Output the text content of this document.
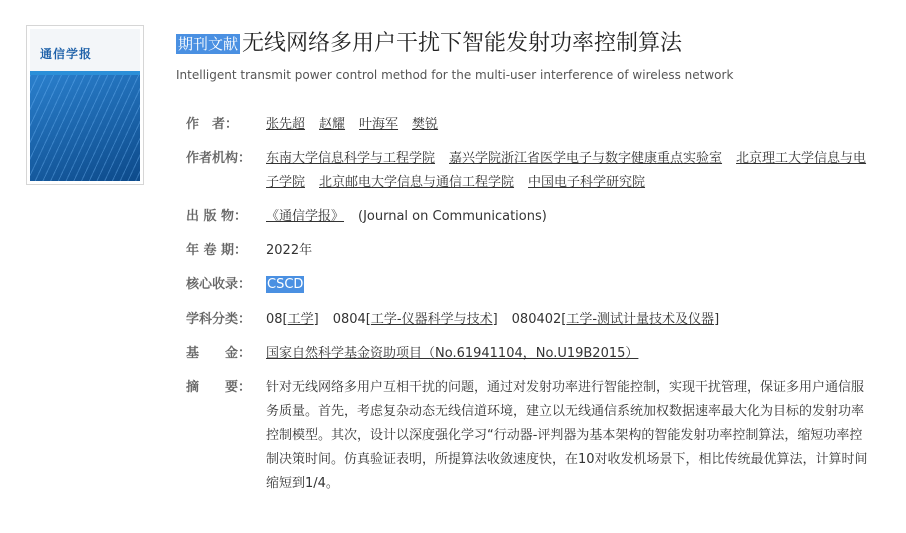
通信学报
期刊文献 无线网络多用户干扰下智能发射功率控制算法
Intelligent transmit power control method for the multi-user interference of wireless network
作　者：	张先超 赵耀 叶海军 樊锐
作者机构：	东南大学信息科学与工程学院 嘉兴学院浙江省医学电子与数字健康重点实验室 北京理工大学信息与电子学院 北京邮电大学信息与通信工程学院 中国电子科学研究院
出 版 物：	《通信学报》 (Journal on Communications)
年 卷 期：	2022年
核心收录：	CSCD
学科分类：	08[工学] 0804[工学-仪器科学与技术] 080402[工学-测试计量技术及仪器]
基　　金：	国家自然科学基金资助项目（No.61941104，No.U19B2015）
摘　　要：	针对无线网络多用户互相干扰的问题，通过对发射功率进行智能控制，实现干扰管理，保证多用户通信服务质量。首先，考虑复杂动态无线信道环境，建立以无线通信系统加权数据速率最大化为目标的发射功率控制模型。其次，设计以深度强化学习“行动器-评判器为基本架构的智能发射功率控制算法，缩短功率控制决策时间。仿真验证表明，所提算法收敛速度快，在10对收发机场景下，相比传统最优算法，计算时间缩短到1/4。
